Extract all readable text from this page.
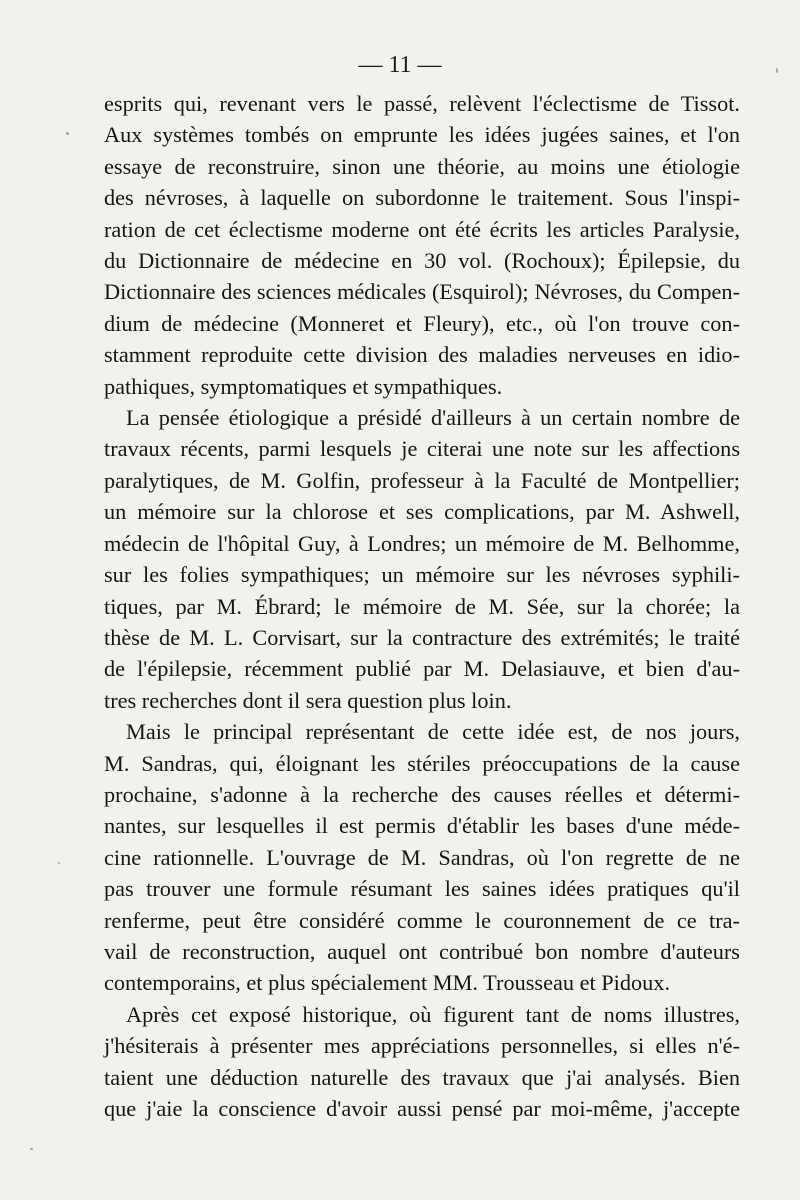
— 11 —

esprits qui, revenant vers le passé, relèvent l'éclectisme de Tissot.

Aux systèmes tombés on emprunte les idées jugées saines, et l'on

essaye de reconstruire, sinon une théorie, au moins une étiologie

des névroses, à laquelle on subordonne le traitement. Sous l'inspi-

ration de cet éclectisme moderne ont été écrits les articles Paralysie,

du Dictionnaire de médecine en 30 vol. (Rochoux); Épilepsie, du

Dictionnaire des sciences médicales (Esquirol); Névroses, du Compen-

dium de médecine (Monneret et Fleury), etc., où l'on trouve con-

stamment reproduite cette division des maladies nerveuses en idio-

pathiques, symptomatiques et sympathiques.

La pensée étiologique a présidé d'ailleurs à un certain nombre de

travaux récents, parmi lesquels je citerai une note sur les affections

paralytiques, de M. Golfin, professeur à la Faculté de Montpellier;

un mémoire sur la chlorose et ses complications, par M. Ashwell,

médecin de l'hôpital Guy, à Londres; un mémoire de M. Belhomme,

sur les folies sympathiques; un mémoire sur les névroses syphili-

tiques, par M. Ébrard; le mémoire de M. Sée, sur la chorée; la

thèse de M. L. Corvisart, sur la contracture des extrémités; le traité

de l'épilepsie, récemment publié par M. Delasiauve, et bien d'au-

tres recherches dont il sera question plus loin.

Mais le principal représentant de cette idée est, de nos jours,

M. Sandras, qui, éloignant les stériles préoccupations de la cause

prochaine, s'adonne à la recherche des causes réelles et détermi-

nantes, sur lesquelles il est permis d'établir les bases d'une méde-

cine rationnelle. L'ouvrage de M. Sandras, où l'on regrette de ne

pas trouver une formule résumant les saines idées pratiques qu'il

renferme, peut être considéré comme le couronnement de ce tra-

vail de reconstruction, auquel ont contribué bon nombre d'auteurs

contemporains, et plus spécialement MM. Trousseau et Pidoux.

Après cet exposé historique, où figurent tant de noms illustres,

j'hésiterais à présenter mes appréciations personnelles, si elles n'é-

taient une déduction naturelle des travaux que j'ai analysés. Bien

que j'aie la conscience d'avoir aussi pensé par moi-même, j'accepte
